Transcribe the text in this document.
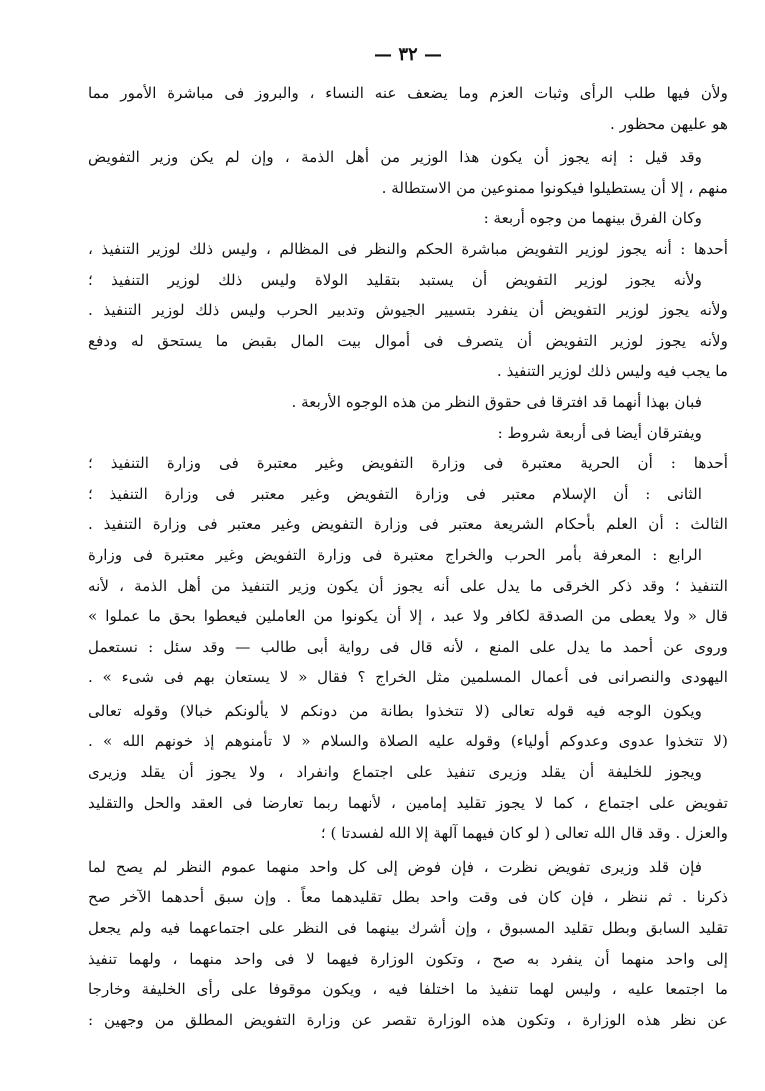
— ٣٢ —
ولأن فيها طلب الرأى وثبات العزم وما يضعف عنه النساء ، والبروز فى مباشرة الأمور مما
هو عليهن محظور .
وقد قيل : إنه يجوز أن يكون هذا الوزير من أهل الذمة ، وإن لم يكن وزير التفويض
منهم ، إلا أن يستطيلوا فيكونوا ممنوعين من الاستطالة .
وكان الفرق بينهما من وجوه أربعة :
أحدها : أنه يجوز لوزير التفويض مباشرة الحكم والنظر فى المظالم ، وليس ذلك لوزير التنفيذ ،
ولأنه يجوز لوزير التفويض أن يستبد بتقليد الولاة وليس ذلك لوزير التنفيذ ؛
ولأنه يجوز لوزير التفويض أن ينفرد بتسيير الجيوش وتدبير الحرب وليس ذلك لوزير التنفيذ .
ولأنه يجوز لوزير التفويض أن يتصرف فى أموال بيت المال بقبض ما يستحق له ودفع
ما يجب فيه وليس ذلك لوزير التنفيذ .
فبان بهذا أنهما قد افترقا فى حقوق النظر من هذه الوجوه الأربعة .
ويفترقان أيضا فى أربعة شروط :
أحدها : أن الحرية معتبرة فى وزارة التفويض وغير معتبرة فى وزارة التنفيذ ؛
الثانى : أن الإسلام معتبر فى وزارة التفويض وغير معتبر فى وزارة التنفيذ ؛
الثالث : أن العلم بأحكام الشريعة معتبر فى وزارة التفويض وغير معتبر فى وزارة التنفيذ .
الرابع : المعرفة بأمر الحرب والخراج معتبرة فى وزارة التفويض وغير معتبرة فى وزارة
التنفيذ ؛ وقد ذكر الخرقى ما يدل على أنه يجوز أن يكون وزير التنفيذ من أهل الذمة ، لأنه
قال « ولا يعطى من الصدقة لكافر ولا عبد ، إلا أن يكونوا من العاملين فيعطوا بحق ما عملوا »
وروى عن أحمد ما يدل على المنع ، لأنه قال فى رواية أبى طالب — وقد سئل : نستعمل
اليهودى والنصرانى فى أعمال المسلمين مثل الخراج ؟ فقال « لا يستعان بهم فى شىء » .
ويكون الوجه فيه قوله تعالى (لا تتخذوا بطانة من دونكم لا يألونكم خبالا) وقوله تعالى
(لا تتخذوا عدوى وعدوكم أولياء) وقوله عليه الصلاة والسلام « لا تأمنوهم إذ خونهم الله » .
ويجوز للخليفة أن يقلد وزيرى تنفيذ على اجتماع وانفراد ، ولا يجوز أن يقلد وزيرى
تفويض على اجتماع ، كما لا يجوز تقليد إمامين ، لأنهما ربما تعارضا فى العقد والحل والتقليد
والعزل . وقد قال الله تعالى ( لو كان فيهما آلهة إلا الله لفسدتا ) ؛
فإن قلد وزيرى تفويض نظرت ، فإن فوض إلى كل واحد منهما عموم النظر لم يصح لما
ذكرنا . ثم ننظر ، فإن كان فى وقت واحد بطل تقليدهما معاً . وإن سبق أحدهما الآخر صح
تقليد السابق وبطل تقليد المسبوق ، وإن أشرك بينهما فى النظر على اجتماعهما فيه ولم يجعل
إلى واحد منهما أن ينفرد به صح ، وتكون الوزارة فيهما لا فى واحد منهما ، ولهما تنفيذ
ما اجتمعا عليه ، وليس لهما تنفيذ ما اختلفا فيه ، ويكون موقوفا على رأى الخليفة وخارجا
عن نظر هذه الوزارة ، وتكون هذه الوزارة تقصر عن وزارة التفويض المطلق من وجهين :
